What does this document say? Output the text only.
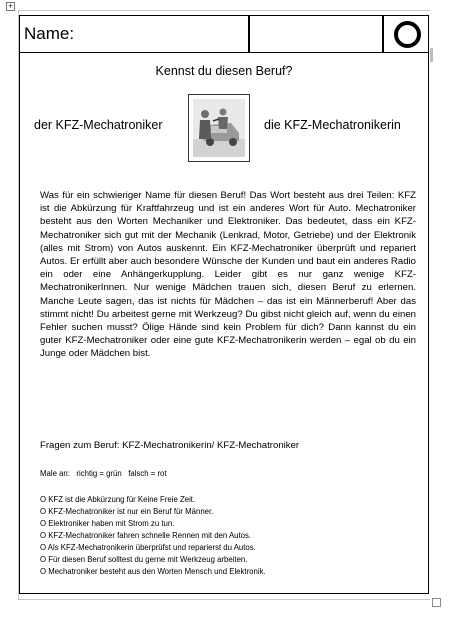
+
Name:
Kennst du diesen Beruf?
der KFZ-Mechatroniker	die KFZ-Mechatronikerin
Was für ein schwieriger Name für diesen Beruf! Das Wort besteht aus drei Teilen: KFZ ist die Abkürzung für Kraftfahrzeug und ist ein anderes Wort für Auto. Mechatroniker besteht aus den Worten Mechaniker und Elektroniker. Das bedeutet, dass ein KFZ-Mechatroniker sich gut mit der Mechanik (Lenkrad, Motor, Getriebe) und der Elektronik (alles mit Strom) von Autos auskennt. Ein KFZ-Mechatroniker überprüft und repariert Autos. Er erfüllt aber auch besondere Wünsche der Kunden und baut ein anderes Radio ein oder eine Anhängerkupplung. Leider gibt es nur ganz wenige KFZ-MechatronikerInnen. Nur wenige Mädchen trauen sich, diesen Beruf zu erlernen. Manche Leute sagen, das ist nichts für Mädchen – das ist ein Männerberuf! Aber das stimmt nicht! Du arbeitest gerne mit Werkzeug? Du gibst nicht gleich auf, wenn du einen Fehler suchen musst? Ölige Hände sind kein Problem für dich? Dann kannst du ein guter KFZ-Mechatroniker oder eine gute KFZ-Mechatronikerin werden – egal ob du ein Junge oder Mädchen bist.
Fragen zum Beruf: KFZ-Mechatronikerin/ KFZ-Mechatroniker
Male an: richtig = grün falsch = rot
O KFZ ist die Abkürzung für Keine Freie Zeit.
O KFZ-Mechatroniker ist nur ein Beruf für Männer.
O Elektroniker haben mit Strom zu tun.
O KFZ-Mechatroniker fahren schnelle Rennen mit den Autos.
O Als KFZ-Mechatronikerin überprüfst und reparierst du Autos.
O Für diesen Beruf solltest du gerne mit Werkzeug arbeiten.
O Mechatroniker besteht aus den Worten Mensch und Elektronik.
